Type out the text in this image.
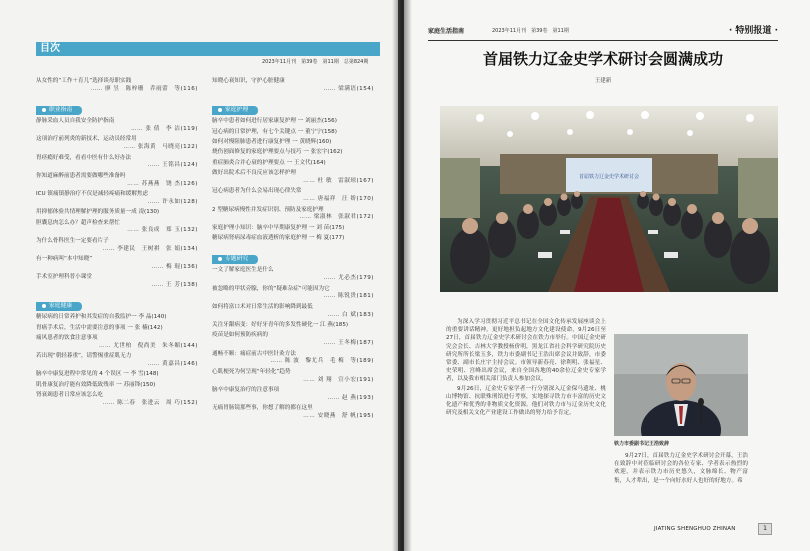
目次
2023年11月刊　第39卷　第11期　总第824期
从女性的“工作＋育儿”选择谈母职实践
…… 廖 昱　陈梓珊　乔雨蕾　等(116)
职业指南
静脉采血人员自我安全防护指南
…… 张 倩　李 洁(119)
这项治疗前列炎的新技术，运动员经常用
…… 张海黄　马晓亮(122)
胃痉瘾好难受，看看中医有什么好办法
…… 王铭昌(124)
你知道麻醉前患者需要做哪些准备吗
…… 苏燕燕　饶 杰(126)
ICU 镇痛镇静治疗不仅是减轻疼痛和缓解焦虑
…… 许永如(128)
用抑郁体验共情理解护理的服务质量一成 凌(130)
胆囊息肉怎么办？超声检查来帮忙
…… 张良成　郑 玉(132)
为什么骨科医生一定要看片子
…… 李建民　王树祺　张 娟(134)
有一种病叫“本中知晓”
…… 梅 琨(136)
手术室护理科普小课堂
…… 王 芳(138)
家庭健康
糖尿病的日常养护和其发症的自我监护一 李 晶(140)
胃癌手术后，生活中需要注意的事项 一 张 楠(142)
痛风患者的饮食注意事项
…… 尤世柏　倪尚美　朱冬媚(144)
若出现“朝轻暮重”，请警惕重症肌无力
…… 黄嘉昌(146)
脑卒中康复进程中常见的 4 个误区 一 李 雪(148)
肌骨康复治疗能有效降低致残率 一 苏丽锋(150)
肾衰竭患者日常应该怎么吃
…… 陈二春　张进云　周 巧(152)
知晓心衰知识，守护心脏健康
…… 梁满语(154)
家庭护理
脑卒中患者如何进行居家康复护理 一 刘丽杰(156)
冠心病的日常护理，有七个关键点 一 董宁宁(158)
如何对慢阻肺患者进行康复护理 一 黄晓辉(160)
烧伤创面修复的家庭护理要点与技巧 一 张宏宇(162)
重症肺炎合并心衰的护理要点 一 王文代(164)
做好出院术后不良反应该怎样护理
…… 杜 敏　雷淑琼(167)
冠心病患者为什么会易出现心律失常
…… 唐福祥　汪 娇(170)
2 型糖尿病慢性并发症识别、预防及家庭护理
…… 梁淑林　张淑君(172)
家庭护理小知识：脑卒中早期康复护理 一 刘 苗(175)
糖尿病肾病尿毒症血液透析的家庭护理 一 梅 夏(177)
专题研究
一文了解家庭医生是什么
…… 尤必杰(179)
被忽略的甲状旁腺，你的“疑难杂症”可能因为它
…… 陈锐贵(181)
如何将富口术对日常生活的影响降到最低
…… 白 斌(183)
关注牙龈病变：好好牙青年的多发性硬化一 江 燕(185)
疫苗是如何预防疾病的
…… 王冬梅(187)
通畅不顺：痛症前古中医针灸方法
…… 陈 波　黎尤兵　毛 梅　等(189)
心肌梗死为何呈现“年轻化”趋势
…… 刘 翔　宣小宏(191)
脑卒中康复治疗的注意事项
…… 赵 燕(193)
无痛胃肠镜那些事，你想了解的都在这里
…… 安晓燕　舒 帆(195)
家庭生活指南	2023年11月刊　第39卷　第11期	· 特别报道 ·
首届铁力辽金史学术研讨会圆满成功
王建新
首届铁力辽金史学术研讨会
铁力市委副书记王浩致辞

为深入学习贯彻习近平总书记在全国文化传承发展座谈会上的重要讲话精神，更好地担负起地方文化建设使命，9月26日至27日，首届铁力辽金史学术研讨会在铁力市举行。中国辽金史研究会会长、吉林大学教授杨价明，黑龙江省社会科学研究院历史研究所所长梁玉多，铁力市委副书记王浩出席会议并致辞，市委常委、副市长庄宇主持会议。市领导新春亮、徐利明、张福星、史荣明、宫峰出席会议，来自全国各地的40余位辽金史专家学者，以及我市相关部门负责人参加会议。

9月26日，辽金史专家学者一行分别深入辽金保马遗址、桃山博物馆、抗联殊刑馆进行考察，实地探寻铁力市丰富的历史文化遗产和优秀的非物质文化资源。他们对铁力市与辽金历史文化研究及相关文化产业建设工作做出的努力给予肯定。

9月27日，首届铁力辽金史学术研讨会开幕，王浩在致辞中对莅临研讨会的各位专家、学者表示热烈的欢迎，并表示铁力市历史悠久，文脉绵长、物产富集，人才辈出，是一个向好水好人也好的好地方。希

JIATING SHENGHUO ZHINAN	1
